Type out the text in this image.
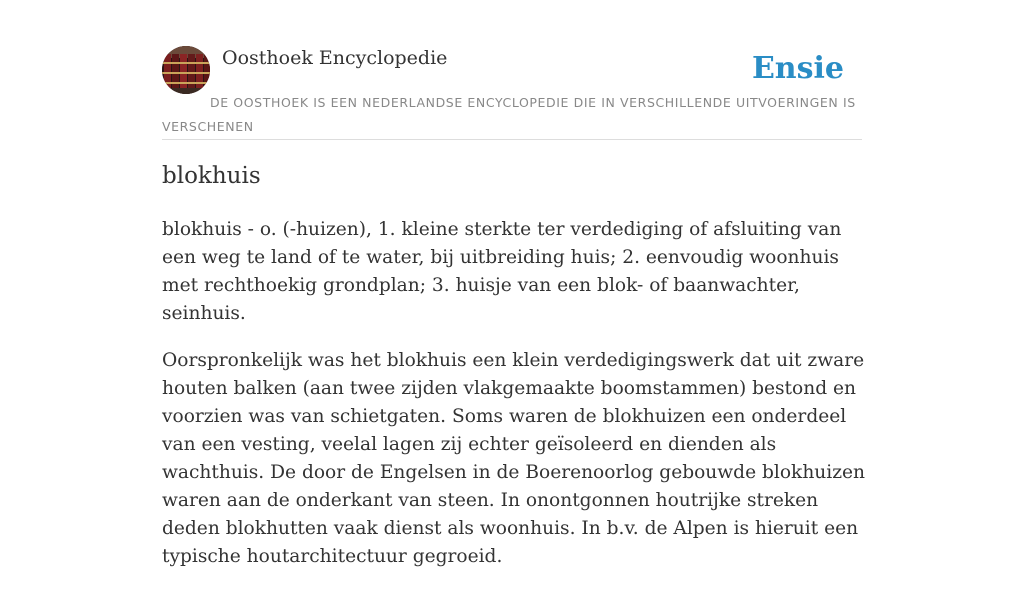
Oosthoek Encyclopedie	Ensie
DE OOSTHOEK IS EEN NEDERLANDSE ENCYCLOPEDIE DIE IN VERSCHILLENDE UITVOERINGEN IS VERSCHENEN
blokhuis

blokhuis - o. (-huizen), 1. kleine sterkte ter verdediging of afsluiting van een weg te land of te water, bij uitbreiding huis; 2. eenvoudig woonhuis met rechthoekig grondplan; 3. huisje van een blok- of baanwachter, seinhuis.

Oorspronkelijk was het blokhuis een klein verdedigingswerk dat uit zware houten balken (aan twee zijden vlakgemaakte boomstammen) bestond en voorzien was van schietgaten. Soms waren de blokhuizen een onderdeel van een vesting, veelal lagen zij echter geïsoleerd en dienden als wachthuis. De door de Engelsen in de Boerenoorlog gebouwde blokhuizen waren aan de onderkant van steen. In onontgonnen houtrijke streken deden blokhutten vaak dienst als woonhuis. In b.v. de Alpen is hieruit een typische houtarchitectuur gegroeid.
